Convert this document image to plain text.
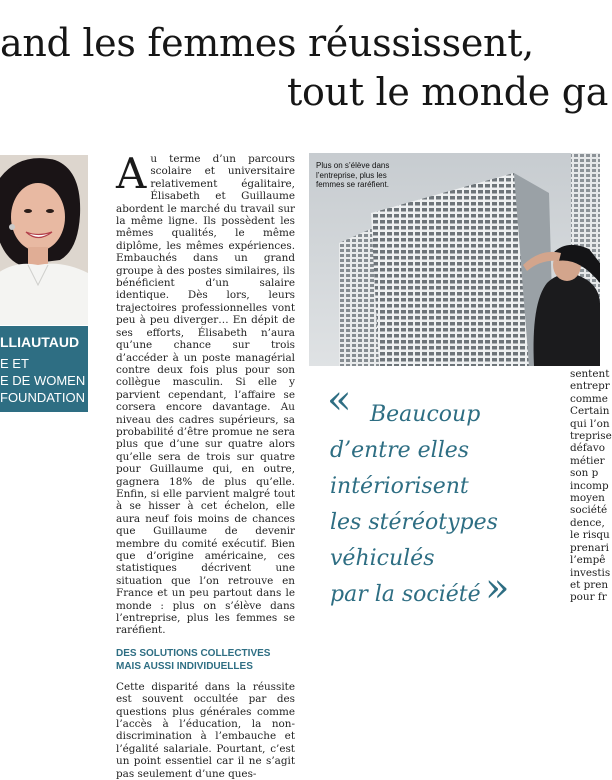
and les femmes réussissent,
tout le monde ga
LLIAUTAUD
E ET
E DE WOMEN
FOUNDATION

Au terme d’un parcours scolaire et universitaire relativement égalitaire, Élisabeth et Guillaume abordent le marché du travail sur la même ligne. Ils possèdent les mêmes qualités, le même diplôme, les mêmes expériences. Embauchés dans un grand groupe à des postes similaires, ils bénéficient d’un salaire identique. Dès lors, leurs trajectoires professionnelles vont peu à peu diverger… En dépit de ses efforts, Élisabeth n’aura qu’une chance sur trois d’accéder à un poste managérial contre deux fois plus pour son collègue masculin. Si elle y parvient cependant, l’affaire se corsera encore davantage. Au niveau des cadres supérieurs, sa probabilité d’être promue ne sera plus que d’une sur quatre alors qu’elle sera de trois sur quatre pour Guillaume qui, en outre, gagnera 18% de plus qu’elle. Enfin, si elle parvient malgré tout à se hisser à cet échelon, elle aura neuf fois moins de chances que Guillaume de devenir membre du comité exécutif. Bien que d’origine américaine, ces statistiques décrivent une situation que l’on retrouve en France et un peu partout dans le monde : plus on s’élève dans l’entreprise, plus les femmes se raréfient.

DES SOLUTIONS COLLECTIVES
MAIS AUSSI INDIVIDUELLES

Cette disparité dans la réussite est souvent occultée par des questions plus générales comme l’accès à l’éducation, la non-discrimination à l’embauche et l’égalité salariale. Pourtant, c’est un point essentiel car il ne s’agit pas seulement d’une ques-

Plus on s’élève dans l’entreprise, plus les femmes se raréfient.
« Beaucoup
d’entre elles
intériorisent
les stéréotypes
véhiculés
par la société »
sentent
entrepr
comme
Certain
qui l’on
treprise
défavo
métier
son p
incomp
moyen
société
dence,
le risqu
prenari
l’empê
investis
et pren
pour fr
